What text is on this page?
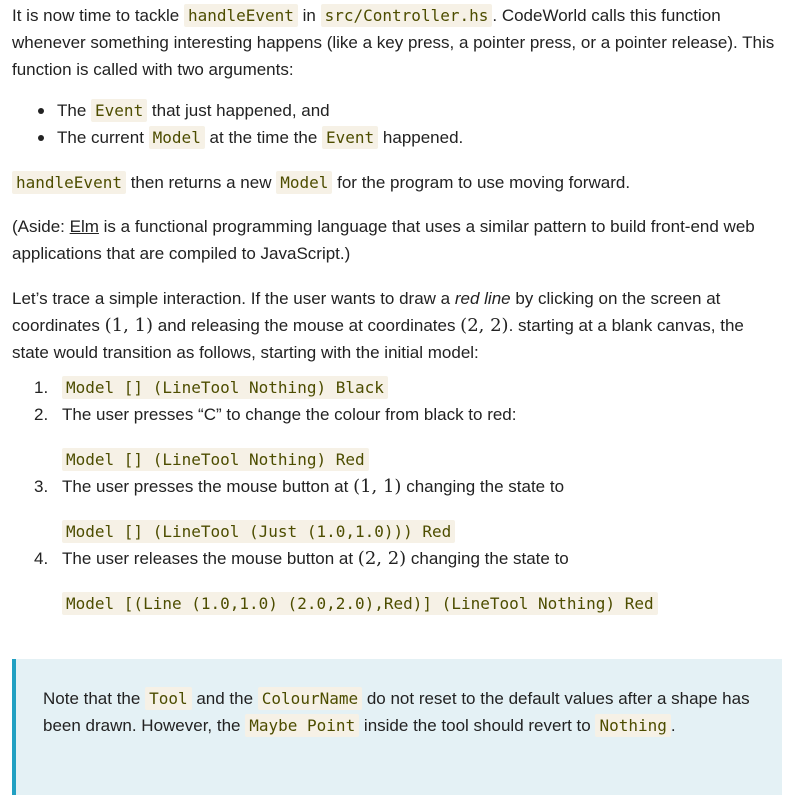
It is now time to tackle handleEvent in src/Controller.hs . CodeWorld calls this function whenever something interesting happens (like a key press, a pointer press, or a pointer release). This function is called with two arguments:

The Event that just happened, and
The current Model at the time the Event happened.

handleEvent then returns a new Model for the program to use moving forward.

(Aside: Elm is a functional programming language that uses a similar pattern to build front-end web applications that are compiled to JavaScript.)

Let’s trace a simple interaction. If the user wants to draw a red line by clicking on the screen at coordinates (1, 1) and releasing the mouse at coordinates (2, 2). starting at a blank canvas, the state would transition as follows, starting with the initial model:

1. Model [] (LineTool Nothing) Black
2. The user presses “C” to change the colour from black to red:
Model [] (LineTool Nothing) Red
3. The user presses the mouse button at (1, 1) changing the state to
Model [] (LineTool (Just (1.0,1.0))) Red
4. The user releases the mouse button at (2, 2) changing the state to
Model [(Line (1.0,1.0) (2.0,2.0),Red)] (LineTool Nothing) Red

Note that the Tool and the ColourName do not reset to the default values after a shape has been drawn. However, the Maybe Point inside the tool should revert to Nothing .
